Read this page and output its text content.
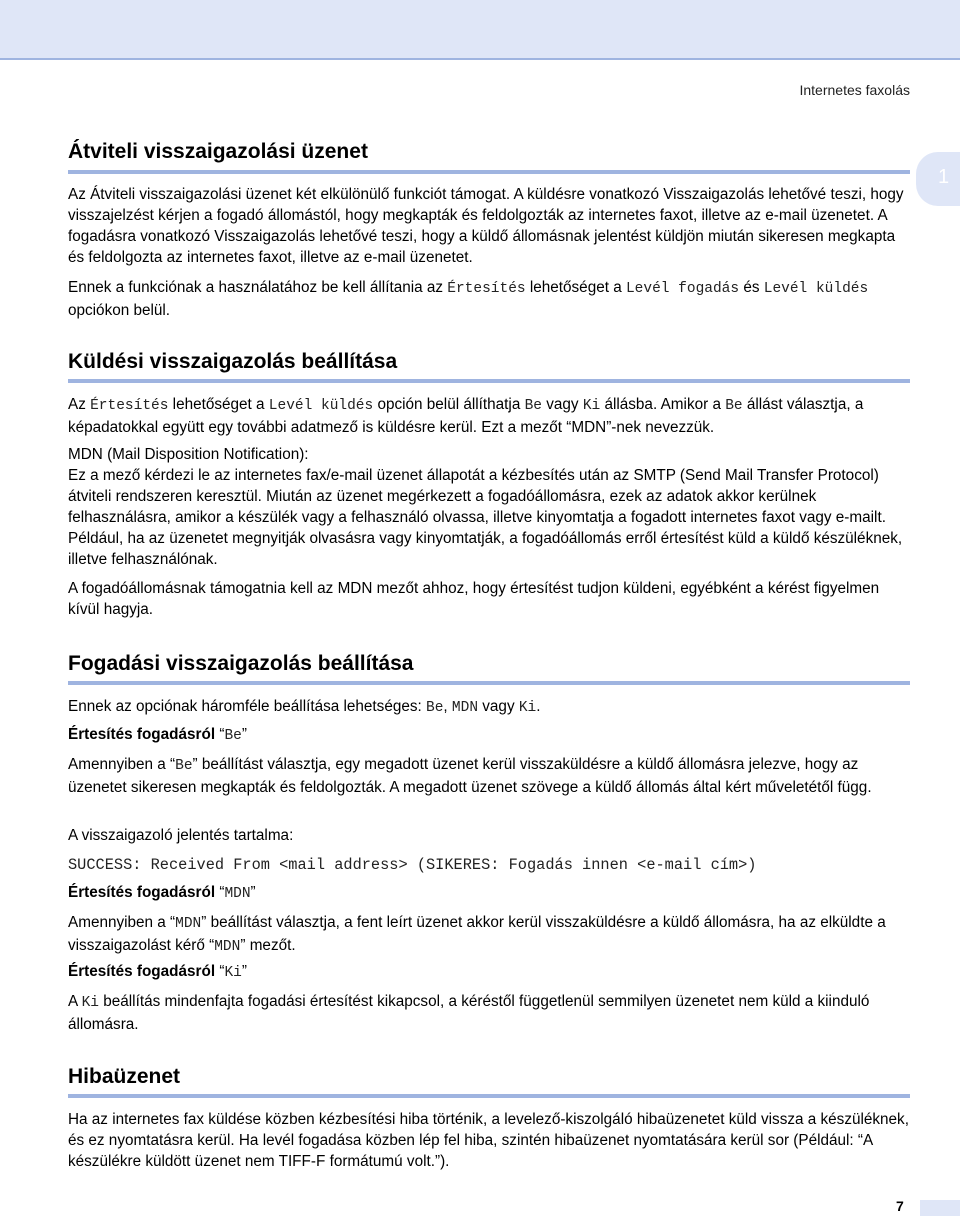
Internetes faxolás
1
Átviteli visszaigazolási üzenet

Az Átviteli visszaigazolási üzenet két elkülönülő funkciót támogat. A küldésre vonatkozó Visszaigazolás lehetővé teszi, hogy visszajelzést kérjen a fogadó állomástól, hogy megkapták és feldolgozták az internetes faxot, illetve az e-mail üzenetet. A fogadásra vonatkozó Visszaigazolás lehetővé teszi, hogy a küldő állomásnak jelentést küldjön miután sikeresen megkapta és feldolgozta az internetes faxot, illetve az e-mail üzenetet.

Ennek a funkciónak a használatához be kell állítania az Értesítés lehetőséget a Levél fogadás és Levél küldés opciókon belül.

Küldési visszaigazolás beállítása

Az Értesítés lehetőséget a Levél küldés opción belül állíthatja Be vagy Ki állásba. Amikor a Be állást választja, a képadatokkal együtt egy további adatmező is küldésre kerül. Ezt a mezőt “MDN”-nek nevezzük.

MDN (Mail Disposition Notification):

Ez a mező kérdezi le az internetes fax/e-mail üzenet állapotát a kézbesítés után az SMTP (Send Mail Transfer Protocol) átviteli rendszeren keresztül. Miután az üzenet megérkezett a fogadóállomásra, ezek az adatok akkor kerülnek felhasználásra, amikor a készülék vagy a felhasználó olvassa, illetve kinyomtatja a fogadott internetes faxot vagy e-mailt. Például, ha az üzenetet megnyitják olvasásra vagy kinyomtatják, a fogadóállomás erről értesítést küld a küldő készüléknek, illetve felhasználónak.

A fogadóállomásnak támogatnia kell az MDN mezőt ahhoz, hogy értesítést tudjon küldeni, egyébként a kérést figyelmen kívül hagyja.

Fogadási visszaigazolás beállítása

Ennek az opciónak háromféle beállítása lehetséges: Be, MDN vagy Ki.

Értesítés fogadásról “Be”

Amennyiben a “Be” beállítást választja, egy megadott üzenet kerül visszaküldésre a küldő állomásra jelezve, hogy az üzenetet sikeresen megkapták és feldolgozták. A megadott üzenet szövege a küldő állomás által kért műveletétől függ.

A visszaigazoló jelentés tartalma:

SUCCESS: Received From <mail address> (SIKERES: Fogadás innen <e-mail cím>)

Értesítés fogadásról “MDN”

Amennyiben a “MDN” beállítást választja, a fent leírt üzenet akkor kerül visszaküldésre a küldő állomásra, ha az elküldte a visszaigazolást kérő “MDN” mezőt.

Értesítés fogadásról “Ki”

A Ki beállítás mindenfajta fogadási értesítést kikapcsol, a kéréstől függetlenül semmilyen üzenetet nem küld a kiinduló állomásra.

Hibaüzenet

Ha az internetes fax küldése közben kézbesítési hiba történik, a levelező-kiszolgáló hibaüzenetet küld vissza a készüléknek, és ez nyomtatásra kerül. Ha levél fogadása közben lép fel hiba, szintén hibaüzenet nyomtatására kerül sor (Például: “A készülékre küldött üzenet nem TIFF-F formátumú volt.”).

7
